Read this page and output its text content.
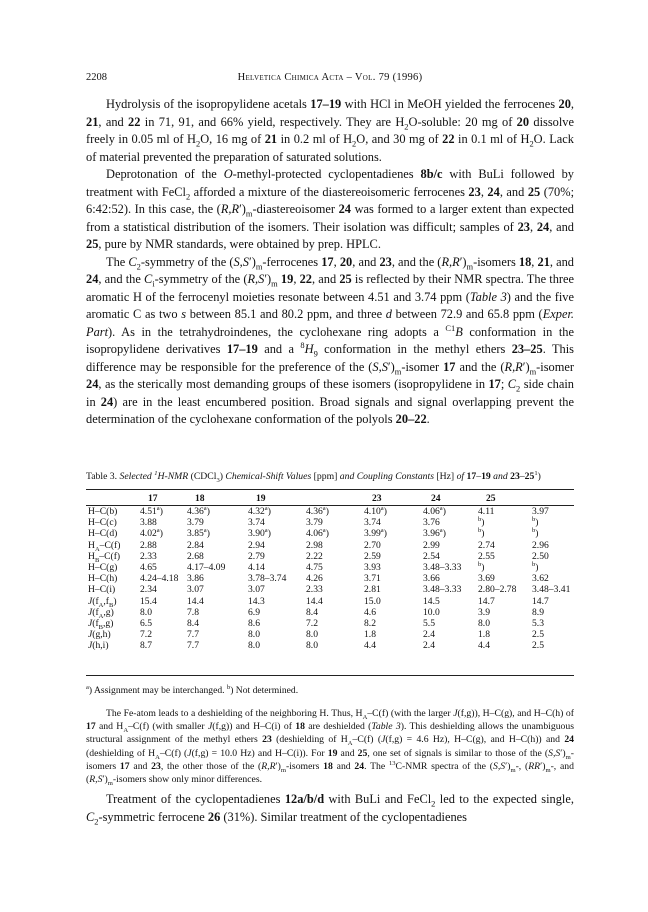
2208	Helvetica Chimica Acta – Vol. 79 (1996)

Hydrolysis of the isopropylidene acetals 17–19 with HCl in MeOH yielded the ferrocenes 20, 21, and 22 in 71, 91, and 66% yield, respectively. They are $H_2O$-soluble: 20 mg of 20 dissolve freely in 0.05 ml of $H_2O$, 16 mg of 21 in 0.2 ml of $H_2O$, and 30 mg of 22 in 0.1 ml of $H_2O$. Lack of material prevented the preparation of saturated solutions.

Deprotonation of the O-methyl-protected cyclopentadienes 8b/c with BuLi followed by treatment with FeCl$_2$ afforded a mixture of the diastereoisomeric ferrocenes 23, 24, and 25 (70%; 6:42:52). In this case, the $(R,R')_m$-diastereoisomer 24 was formed to a larger extent than expected from a statistical distribution of the isomers. Their isolation was difficult; samples of 23, 24, and 25, pure by NMR standards, were obtained by prep. HPLC.

The $C_2$-symmetry of the $(S,S')_m$-ferrocenes 17, 20, and 23, and the $(R,R')_m$-isomers 18, 21, and 24, and the $C_i$-symmetry of the $(R,S')_m$ 19, 22, and 25 is reflected by their NMR spectra. The three aromatic H of the ferrocenyl moieties resonate between 4.51 and 3.74 ppm (Table 3) and the five aromatic C as two s between 85.1 and 80.2 ppm, and three d between 72.9 and 65.8 ppm (Exper. Part). As in the tetrahydroindenes, the cyclohexane ring adopts a $^{C1}$B conformation in the isopropylidene derivatives 17–19 and a $^8H_9$ conformation in the methyl ethers 23–25. This difference may be responsible for the preference of the $(S,S')_m$-isomer 17 and the $(R,R')_m$-isomer 24, as the sterically most demanding groups of these isomers (isopropylidene in 17; $C_2$ side chain in 24) are in the least encumbered position. Broad signals and signal overlapping prevent the determination of the cyclohexane conformation of the polyols 20–22.

Table 3. Selected $^1$H-NMR (CDCl$_3$) Chemical-Shift Values [ppm] and Coupling Constants [Hz] of 17–19 and $23-25^1$)
	17	18	19		23	24	25	
H–C(b)	4.51$^a$)	4.36$^a$)	4.32$^a$)	4.36$^a$)	4.10$^a$)	4.06$^a$)	4.11	3.97
H–C(c)	3.88	3.79	3.74	3.79	3.74	3.76	$^b$)	$^b$)
H–C(d)	4.02$^a$)	3.85$^a$)	3.90$^a$)	4.06$^a$)	3.99$^a$)	3.96$^a$)	$^b$)	$^b$)
$H_A-C(f)$	2.88	2.84	2.94	2.98	2.70	2.99	2.74	2.96
$H_B-C(f)$	2.33	2.68	2.79	2.22	2.59	2.54	2.55	2.50
H–C(g)	4.65	4.17–4.09	4.14	4.75	3.93	3.48–3.33	$^b$)	$^b$)
H–C(h)	4.24–4.18	3.86	3.78–3.74	4.26	3.71	3.66	3.69	3.62
H–C(i)	2.34	3.07	3.07	2.33	2.81	3.48–3.33	2.80–2.78	3.48–3.41
$J(f_A,f_B)$	15.4	14.4	14.3	14.4	15.0	14.5	14.7	14.7
$J(f_A,g)$	8.0	7.8	6.9	8.4	4.6	10.0	3.9	8.9
$J(f_B,g)$	6.5	8.4	8.6	7.2	8.2	5.5	8.0	5.3
J(g,h)	7.2	7.7	8.0	8.0	1.8	2.4	1.8	2.5
J(h,i)	8.7	7.7	8.0	8.0	4.4	2.4	4.4	2.5
$^a$) Assignment may be interchanged. $^b$) Not determined.

The Fe-atom leads to a deshielding of the neighboring H. Thus, $H_A-C(f)$ (with the larger J(f,g)), H–C(g), and H–C(h) of 17 and $H_A-C(f)$ (with smaller J(f,g)) and H–C(i) of 18 are deshielded (Table 3). This deshielding allows the unambiguous structural assignment of the methyl ethers 23 (deshielding of $H_A-C(f) (J(f,g) = 4.6$ Hz), H–C(g), and H–C(h)) and 24 (deshielding of $H_A-C(f) (J(f,g) = 10.0$ Hz) and H–C(i)). For 19 and 25, one set of signals is similar to those of the $(S,S')_m$-isomers 17 and 23, the other those of the $(R,R')_m$-isomers 18 and 24. The $^{13}$C-NMR spectra of the $(S,S')_m-$, $(RR')_m-$, and $(R,S')_m$-isomers show only minor differences.

Treatment of the cyclopentadienes 12a/b/d with BuLi and FeCl$_2$ led to the expected single, $C_2$-symmetric ferrocene 26 (31%). Similar treatment of the cyclopentadienes
